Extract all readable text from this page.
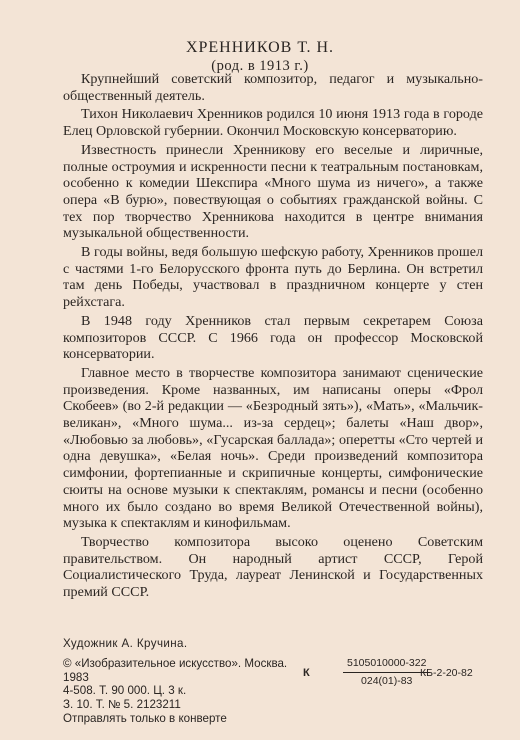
ХРЕННИКОВ Т. Н.
(род. в 1913 г.)

Крупнейший советский композитор, педагог и музыкально-общественный деятель.

Тихон Николаевич Хренников родился 10 июня 1913 года в городе Елец Орловской губернии. Окончил Московскую консерваторию.

Известность принесли Хренникову его веселые и лиричные, полные остроумия и искренности песни к театральным постановкам, особенно к комедии Шекспира «Много шума из ничего», а также опера «В бурю», повествующая о событиях гражданской войны. С тех пор творчество Хренникова находится в центре внимания музыкальной общественности.

В годы войны, ведя большую шефскую работу, Хренников прошел с частями 1-го Белорусского фронта путь до Берлина. Он встретил там день Победы, участвовал в праздничном концерте у стен рейхстага.

В 1948 году Хренников стал первым секретарем Союза композиторов СССР. С 1966 года он профессор Московской консерватории.

Главное место в творчестве композитора занимают сценические произведения. Кроме названных, им написаны оперы «Фрол Скобеев» (во 2-й редакции — «Безродный зять»), «Мать», «Мальчик-великан», «Много шума... из-за сердец»; балеты «Наш двор», «Любовью за любовь», «Гусарская баллада»; оперетты «Сто чертей и одна девушка», «Белая ночь». Среди произведений композитора симфонии, фортепианные и скрипичные концерты, симфонические сюиты на основе музыки к спектаклям, романсы и песни (особенно много их было создано во время Великой Отечественной войны), музыка к спектаклям и кинофильмам.

Творчество композитора высоко оценено Советским правительством. Он народный артист СССР, Герой Социалистического Труда, лауреат Ленинской и Государственных премий СССР.

Художник А. Кручина.
© «Изобразительное искусство». Москва. 1983
4-508. Т. 90 000. Ц. 3 к.
З. 10. Т. № 5. 2123211
Отправлять только в конверте
К	$\frac{5105010000-322}{024(01)-83}$
КБ-2-20-82
